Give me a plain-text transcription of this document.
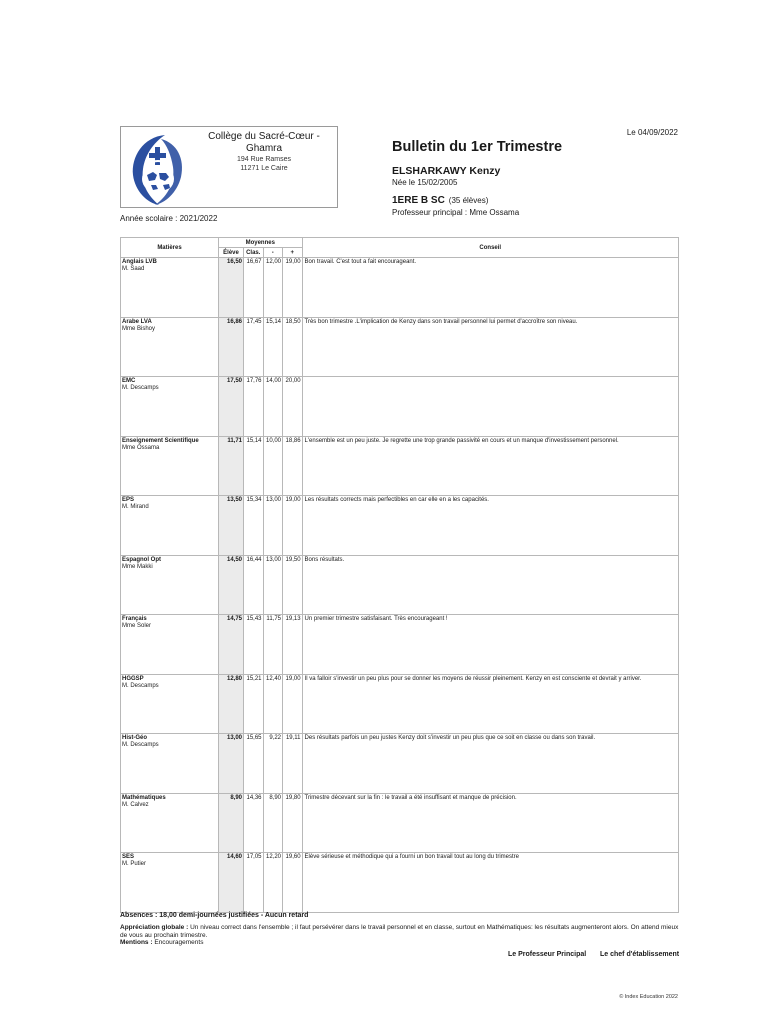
Collège du Sacré-Cœur - Ghamra
194 Rue Ramses
11271 Le Caire
Le 04/09/2022
Bulletin du 1er Trimestre
ELSHARKAWY Kenzy
Née le 15/02/2005
1ERE B SC (35 élèves)
Professeur principal : Mme Ossama
Année scolaire : 2021/2022
Matières	Moyennes				Conseil
	Élève	Clas.	-	+	

Anglais LVB
M. Saad	16,50	16,67	12,00	19,00	Bon travail. C'est tout a fait encourageant.

Arabe LVA
Mme Bishoy	16,86	17,45	15,14	18,50	Très bon trimestre .L'implication de Kenzy dans son travail personnel lui permet d'accroître son niveau.

EMC
M. Descamps	17,50	17,76	14,00	20,00	

Enseignement Scientifique
Mme Ossama	11,71	15,14	10,00	18,86	L'ensemble est un peu juste. Je regrette une trop grande passivité en cours et un manque d'investissement personnel.

EPS
M. Mirand	13,50	15,34	13,00	19,00	Les résultats corrects mais perfectibles en car elle en a les capacités.

Espagnol Opt
Mme Makki	14,50	16,44	13,00	19,50	Bons résultats.

Français
Mme Soler	14,75	15,43	11,75	19,13	Un premier trimestre satisfaisant. Très encourageant !

HGGSP
M. Descamps	12,80	15,21	12,40	19,00	Il va falloir s'investir un peu plus pour se donner les moyens de réussir pleinement. Kenzy en est consciente et devrait y arriver.

Hist-Géo
M. Descamps	13,00	15,65	9,22	19,11	Des résultats parfois un peu justes Kenzy doit s'investir un peu plus que ce soit en classe ou dans son travail.

Mathématiques
M. Calvez	8,90	14,36	8,90	19,80	Trimestre décevant sur la fin : le travail a été insuffisant et manque de précision.

SES
M. Putier	14,60	17,05	12,20	19,60	Elève sérieuse et méthodique qui a fourni un bon travail tout au long du trimestre
Absences : 18,00 demi-journées justifiées - Aucun retard
Appréciation globale : Un niveau correct dans l'ensemble ; il faut persévérer dans le travail personnel et en classe, surtout en Mathématiques: les résultats augmenteront alors. On attend mieux de vous au prochain trimestre.
Mentions : Encouragements
Le Professeur Principal Le chef d'établissement
© Index Education 2022
